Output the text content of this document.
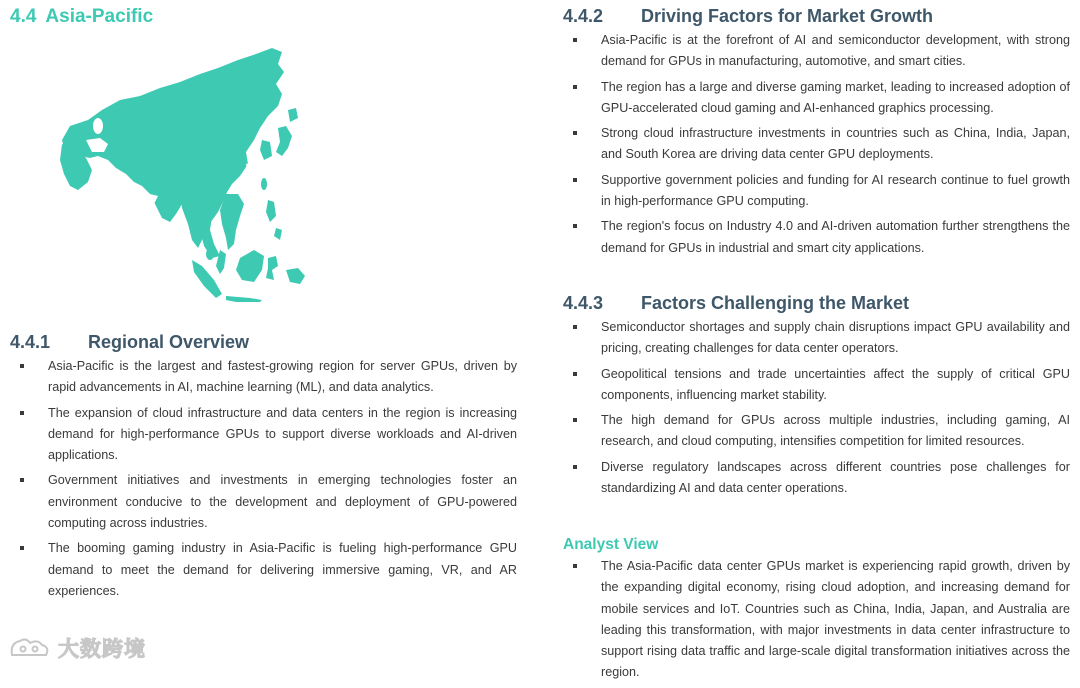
4.4 Asia-Pacific
4.4.1	Regional Overview
Asia-Pacific is the largest and fastest-growing region for server GPUs, driven by rapid advancements in AI, machine learning (ML), and data analytics.
The expansion of cloud infrastructure and data centers in the region is increasing demand for high-performance GPUs to support diverse workloads and AI-driven applications.
Government initiatives and investments in emerging technologies foster an environment conducive to the development and deployment of GPU-powered computing across industries.
The booming gaming industry in Asia-Pacific is fueling high-performance GPU demand to meet the demand for delivering immersive gaming, VR, and AR experiences.
大数跨境
4.4.2	Driving Factors for Market Growth
Asia-Pacific is at the forefront of AI and semiconductor development, with strong demand for GPUs in manufacturing, automotive, and smart cities.
The region has a large and diverse gaming market, leading to increased adoption of GPU-accelerated cloud gaming and AI-enhanced graphics processing.
Strong cloud infrastructure investments in countries such as China, India, Japan, and South Korea are driving data center GPU deployments.
Supportive government policies and funding for AI research continue to fuel growth in high-performance GPU computing.
The region's focus on Industry 4.0 and AI-driven automation further strengthens the demand for GPUs in industrial and smart city applications.
4.4.3	Factors Challenging the Market
Semiconductor shortages and supply chain disruptions impact GPU availability and pricing, creating challenges for data center operators.
Geopolitical tensions and trade uncertainties affect the supply of critical GPU components, influencing market stability.
The high demand for GPUs across multiple industries, including gaming, AI research, and cloud computing, intensifies competition for limited resources.
Diverse regulatory landscapes across different countries pose challenges for standardizing AI and data center operations.
Analyst View
The Asia-Pacific data center GPUs market is experiencing rapid growth, driven by the expanding digital economy, rising cloud adoption, and increasing demand for mobile services and IoT. Countries such as China, India, Japan, and Australia are leading this transformation, with major investments in data center infrastructure to support rising data traffic and large-scale digital transformation initiatives across the region.
